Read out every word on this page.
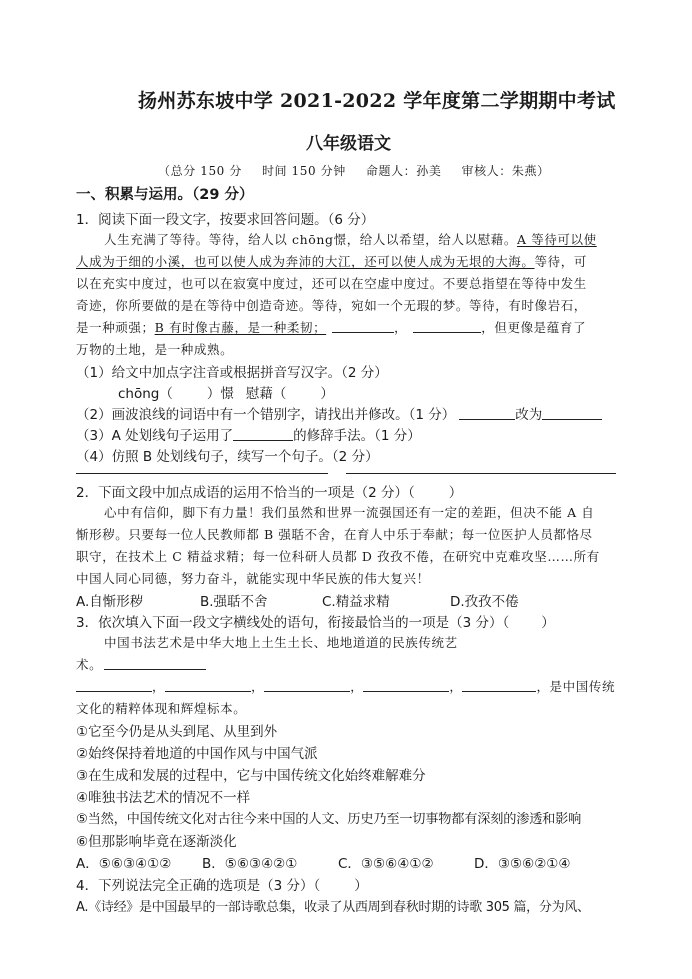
扬州苏东坡中学 2021-2022 学年度第二学期期中考试
八年级语文
（总分 150 分 时间 150 分钟 命题人：孙美 审核人：朱燕）
一、积累与运用。（29 分）
1．阅读下面一段文字，按要求回答问题。（6 分）
人生充满了等待。等待，给人以 chōng憬，给人以希望，给人以慰藉。A 等待可以使
人成为于细的小溪，也可以使人成为奔沛的大江，还可以使人成为无垠的大海。等待，可
以在充实中度过，也可以在寂寞中度过，还可以在空虚中度过。不要总指望在等待中发生
奇迹，你所要做的是在等待中创造奇迹。等待，宛如一个无瑕的梦。等待，有时像岩石，
是一种顽强；B 有时像古藤，是一种柔韧；	，	，但更像是蕴育了
万物的土地，是一种成熟。
（1）给文中加点字注音或根据拼音写汉字。（2 分）
chōng（	）憬 慰藉（	）
（2）画波浪线的词语中有一个错别字，请找出并修改。（1 分）	改为
（3）A 处划线句子运用了	的修辞手法。（1 分）
（4）仿照 B 处划线句子，续写一个句子。（2 分）
2．下面文段中加点成语的运用不恰当的一项是（2 分）（	）
心中有信仰，脚下有力量！我们虽然和世界一流强国还有一定的差距，但决不能 A 自
惭形秽。只要每一位人民教师都 B 强聒不舍，在育人中乐于奉献；每一位医护人员都恪尽
职守，在技术上 C 精益求精；每一位科研人员都 D 孜孜不倦，在研究中克难攻坚……所有
中国人同心同德，努力奋斗，就能实现中华民族的伟大复兴！
A.自惭形秽	B.强聒不舍	C.精益求精	D.孜孜不倦
3．依次填入下面一段文字横线处的语句，衔接最恰当的一项是（3 分）（ ）
中国书法艺术是中华大地上土生土长、地地道道的民族传统艺
术。
，	，	，	，	，是中国传统
文化的精粹体现和辉煌标本。
①它至今仍是从头到尾、从里到外
②始终保持着地道的中国作风与中国气派
③在生成和发展的过程中，它与中国传统文化始终难解难分
④唯独书法艺术的情况不一样
⑤当然，中国传统文化对古往今来中国的人文、历史乃至一切事物都有深刻的渗透和影响
⑥但那影响毕竟在逐渐淡化
A．⑤⑥③④①② B．⑤⑥③④②①	C．③⑤⑥④①②	D．③⑤⑥②①④
4．下列说法完全正确的选项是（3 分）（	）
A.《诗经》是中国最早的一部诗歌总集，收录了从西周到春秋时期的诗歌 305 篇，分为风、
